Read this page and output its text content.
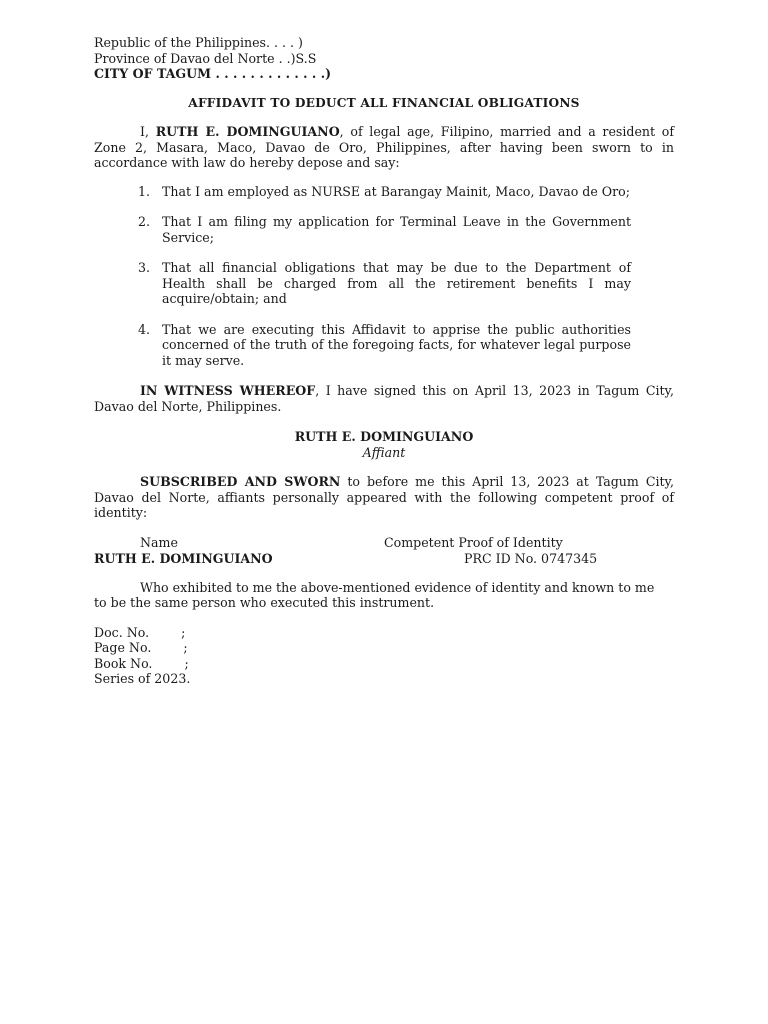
Republic of the Philippines. . . . )
Province of Davao del Norte . .)S.S
CITY OF TAGUM . . . . . . . . . . . . .)
AFFIDAVIT TO DEDUCT ALL FINANCIAL OBLIGATIONS
I, RUTH E. DOMINGUIANO, of legal age, Filipino, married and a resident of Zone 2, Masara, Maco, Davao de Oro, Philippines, after having been sworn to in accordance with law do hereby depose and say:
1. That I am employed as NURSE at Barangay Mainit, Maco, Davao de Oro;
2. That I am filing my application for Terminal Leave in the Government Service;
3. That all financial obligations that may be due to the Department of Health shall be charged from all the retirement benefits I may acquire/obtain; and
4. That we are executing this Affidavit to apprise the public authorities concerned of the truth of the foregoing facts, for whatever legal purpose it may serve.
IN WITNESS WHEREOF, I have signed this on April 13, 2023 in Tagum City, Davao del Norte, Philippines.
RUTH E. DOMINGUIANO
Affiant
SUBSCRIBED AND SWORN to before me this April 13, 2023 at Tagum City, Davao del Norte, affiants personally appeared with the following competent proof of identity:
Name	Competent Proof of Identity
RUTH E. DOMINGUIANO	PRC ID No. 0747345
Who exhibited to me the above-mentioned evidence of identity and known to me to be the same person who executed this instrument.
Doc. No.        ;
Page No.        ;
Book No.        ;
Series of 2023.
